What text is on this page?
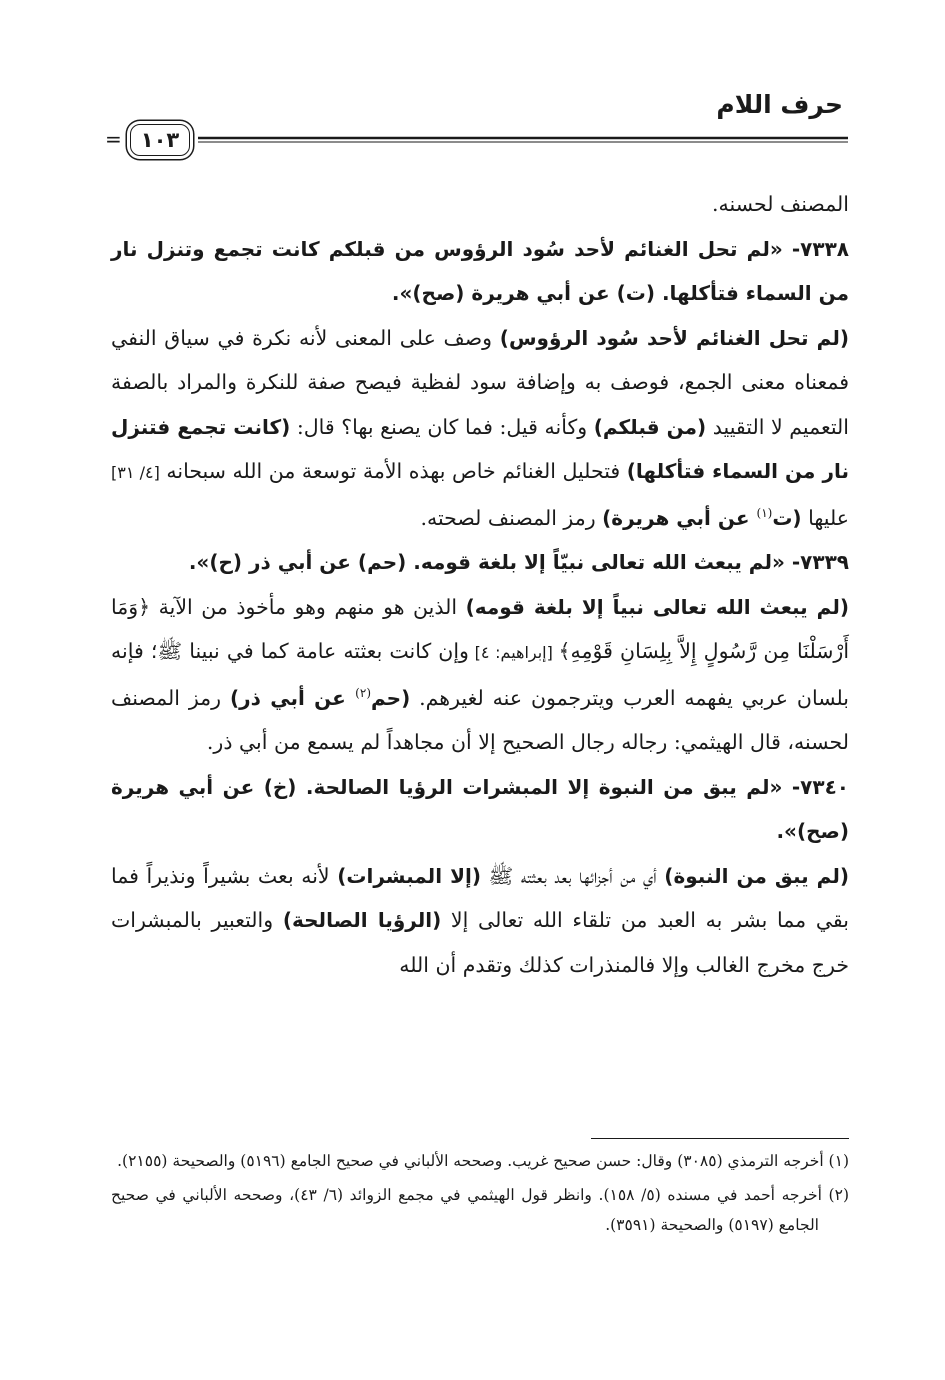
حرف اللام
= ١٠٣

المصنف لحسنه.

٧٣٣٨- «لم تحل الغنائم لأحد سُود الرؤوس من قبلكم كانت تجمع وتنزل نار من السماء فتأكلها. (ت) عن أبي هريرة (صح)».

(لم تحل الغنائم لأحد سُود الرؤوس) وصف على المعنى لأنه نكرة في سياق النفي فمعناه معنى الجمع، فوصف به وإضافة سود لفظية فيصح صفة للنكرة والمراد بالصفة التعميم لا التقييد (من قبلكم) وكأنه قيل: فما كان يصنع بها؟ قال: (كانت تجمع فتنزل نار من السماء فتأكلها) فتحليل الغنائم خاص بهذه الأمة توسعة من الله سبحانه [٤/ ٣١] عليها (ت$^{(١)}$ عن أبي هريرة) رمز المصنف لصحته.

٧٣٣٩- «لم يبعث الله تعالى نبيّاً إلا بلغة قومه. (حم) عن أبي ذر (ح)».

(لم يبعث الله تعالى نبياً إلا بلغة قومه) الذين هو منهم وهو مأخوذ من الآية ﴿وَمَا أَرْسَلْنَا مِن رَّسُولٍ إِلاَّ بِلِسَانِ قَوْمِهِ﴾ [إبراهيم: ٤] وإن كانت بعثته عامة كما في نبينا ﷺ؛ فإنه بلسان عربي يفهمه العرب ويترجمون عنه لغيرهم. (حم$^{(٢)}$ عن أبي ذر) رمز المصنف لحسنه، قال الهيثمي: رجاله رجال الصحيح إلا أن مجاهداً لم يسمع من أبي ذر.

٧٣٤٠- «لم يبق من النبوة إلا المبشرات الرؤيا الصالحة. (خ) عن أبي هريرة (صح)».

(لم يبق من النبوة) أي من أجزائها بعد بعثته ﷺ (إلا المبشرات) لأنه بعث بشيراً ونذيراً فما بقي مما بشر به العبد من تلقاء الله تعالى إلا (الرؤيا الصالحة) والتعبير بالمبشرات خرج مخرج الغالب وإلا فالمنذرات كذلك وتقدم أن الله

(١) أخرجه الترمذي (٣٠٨٥) وقال: حسن صحيح غريب. وصححه الألباني في صحيح الجامع (٥١٩٦) والصحيحة (٢١٥٥).

(٢) أخرجه أحمد في مسنده (٥/ ١٥٨). وانظر قول الهيثمي في مجمع الزوائد (٦/ ٤٣)، وصححه الألباني في صحيح الجامع (٥١٩٧) والصحيحة (٣٥٩١).
